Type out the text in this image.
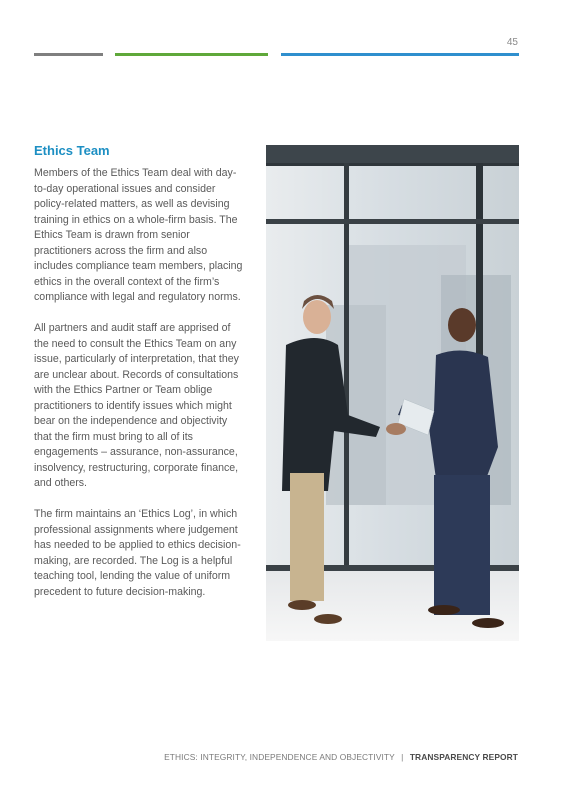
45
Ethics Team

Members of the Ethics Team deal with day-to-day operational issues and consider policy-related matters, as well as devising training in ethics on a whole-firm basis. The Ethics Team is drawn from senior practitioners across the firm and also includes compliance team members, placing ethics in the overall context of the firm’s compliance with legal and regulatory norms.

All partners and audit staff are apprised of the need to consult the Ethics Team on any issue, particularly of interpretation, that they are unclear about. Records of consultations with the Ethics Partner or Team oblige practitioners to identify issues which might bear on the independence and objectivity that the firm must bring to all of its engagements – assurance, non-assurance, insolvency, restructuring, corporate finance, and others.

The firm maintains an ‘Ethics Log’, in which professional assignments where judgement has needed to be applied to ethics decision-making, are recorded. The Log is a helpful teaching tool, lending the value of uniform precedent to future decision-making.

ETHICS: INTEGRITY, INDEPENDENCE AND OBJECTIVITY | TRANSPARENCY REPORT
